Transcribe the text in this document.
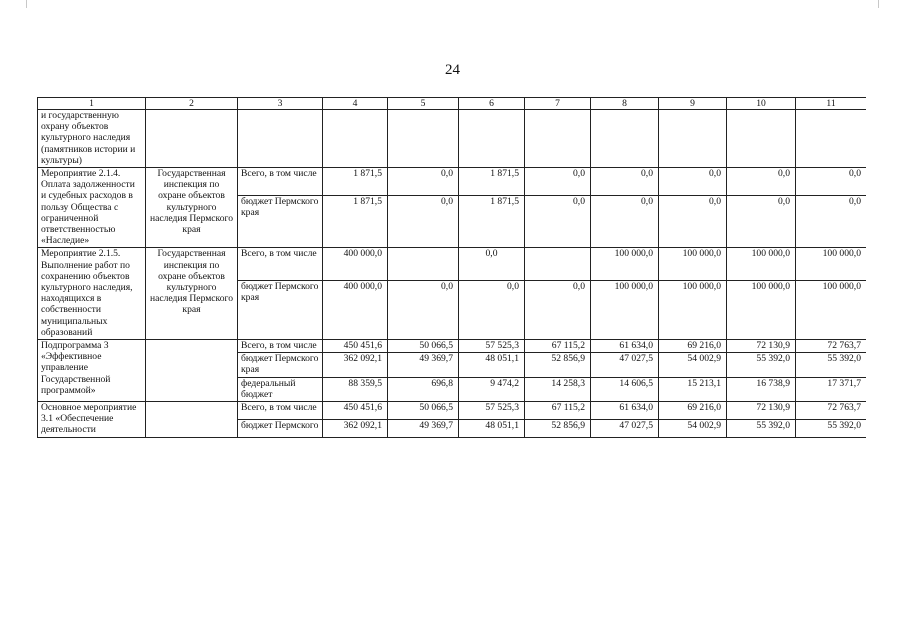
24
1	2	3	4	5	6	7	8	9	10	11
и государственную охрану объектов культурного наследия (памятников истории и культуры)										
Мероприятие 2.1.4. Оплата задолженности и судебных расходов в пользу Общества с ограниченной ответственностью «Наследие»	Государственная инспекция по охране объектов культурного наследия Пермского края	Всего, в том числе	1 871,5	0,0	1 871,5	0,0	0,0	0,0	0,0	0,0
		бюджет Пермского края	1 871,5	0,0	1 871,5	0,0	0,0	0,0	0,0	0,0
Мероприятие 2.1.5. Выполнение работ по сохранению объектов культурного наследия, находящихся в собственности муниципальных образований	Государственная инспекция по охране объектов культурного наследия Пермского края	Всего, в том числе	400 000,0		0,0		100 000,0	100 000,0	100 000,0	100 000,0
		бюджет Пермского края	400 000,0	0,0	0,0	0,0	100 000,0	100 000,0	100 000,0	100 000,0
Подпрограмма 3 «Эффективное управление Государственной программой»		Всего, в том числе	450 451,6	50 066,5	57 525,3	67 115,2	61 634,0	69 216,0	72 130,9	72 763,7
		бюджет Пермского края	362 092,1	49 369,7	48 051,1	52 856,9	47 027,5	54 002,9	55 392,0	55 392,0
		федеральный бюджет	88 359,5	696,8	9 474,2	14 258,3	14 606,5	15 213,1	16 738,9	17 371,7
Основное мероприятие 3.1 «Обеспечение деятельности		Всего, в том числе	450 451,6	50 066,5	57 525,3	67 115,2	61 634,0	69 216,0	72 130,9	72 763,7
		бюджет Пермского	362 092,1	49 369,7	48 051,1	52 856,9	47 027,5	54 002,9	55 392,0	55 392,0
